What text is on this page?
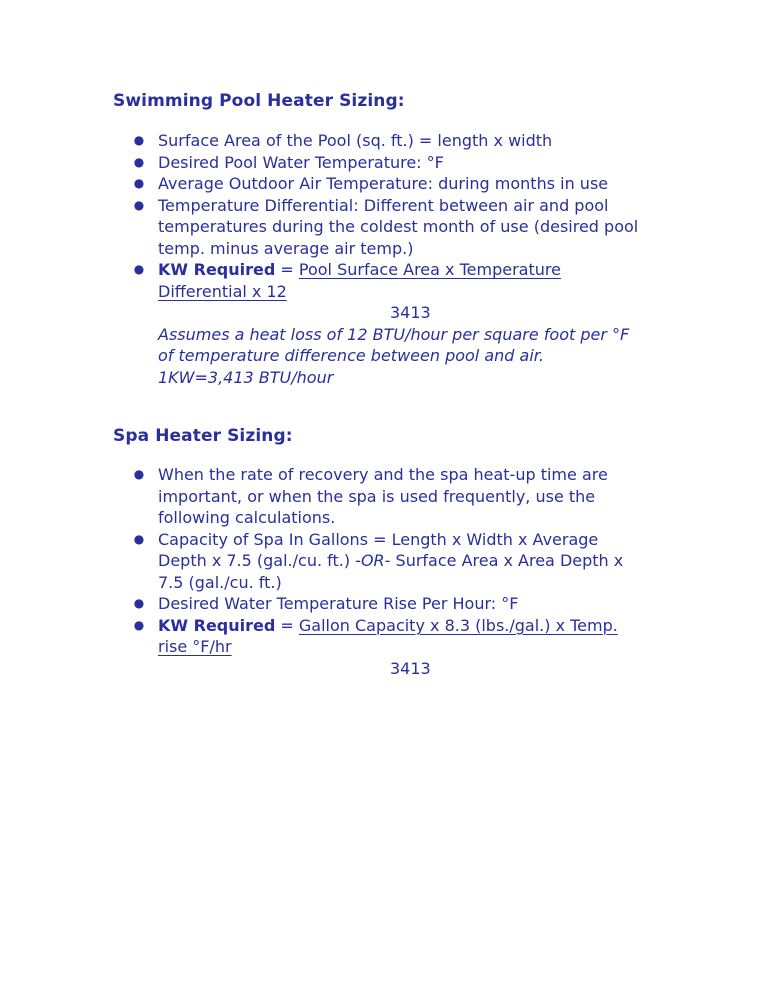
Swimming Pool Heater Sizing:
● Surface Area of the Pool (sq. ft.) = length x width
● Desired Pool Water Temperature: °F
● Average Outdoor Air Temperature: during months in use
● Temperature Differential: Different between air and pool temperatures during the coldest month of use (desired pool temp. minus average air temp.)
● KW Required = Pool Surface Area x Temperature Differential x 12
3413
Assumes a heat loss of 12 BTU/hour per square foot per °F of temperature difference between pool and air.
1KW=3,413 BTU/hour
Spa Heater Sizing:
● When the rate of recovery and the spa heat-up time are important, or when the spa is used frequently, use the following calculations.
● Capacity of Spa In Gallons = Length x Width x Average Depth x 7.5 (gal./cu. ft.) -OR- Surface Area x Area Depth x 7.5 (gal./cu. ft.)
● Desired Water Temperature Rise Per Hour: °F
● KW Required = Gallon Capacity x 8.3 (lbs./gal.) x Temp. rise °F/hr
3413
